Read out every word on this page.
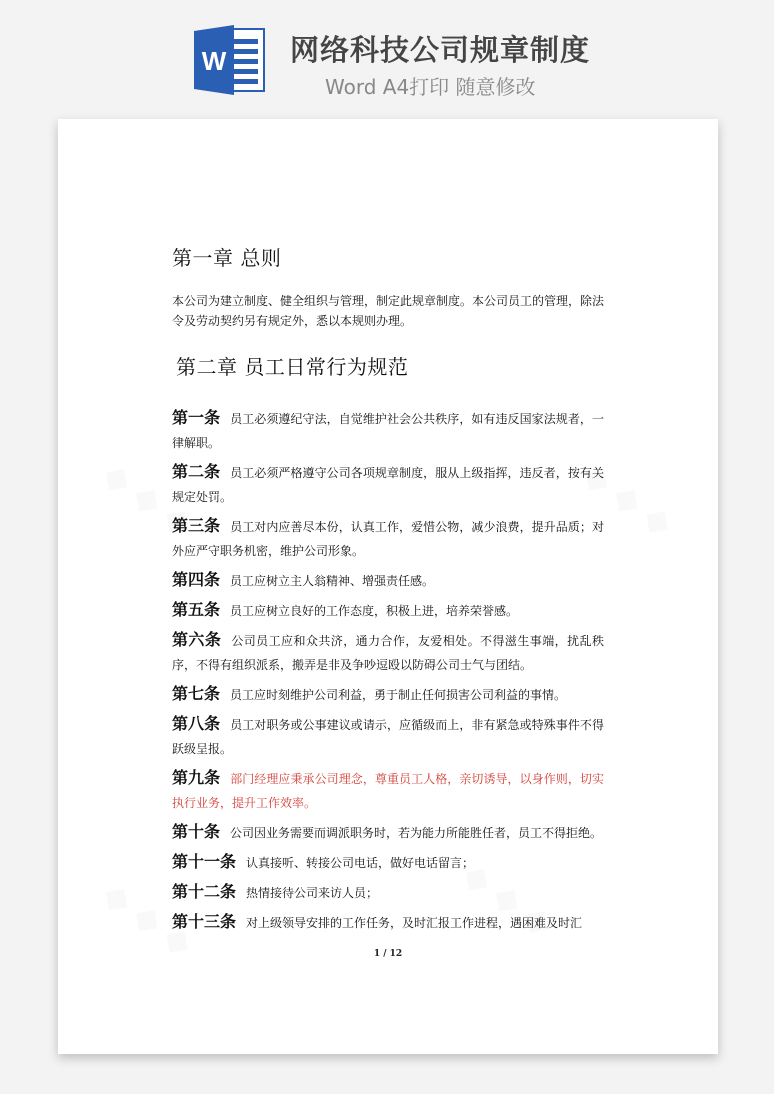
W 网络科技公司规章制度
Word A4打印 随意修改
第一章 总则

本公司为建立制度、健全组织与管理，制定此规章制度。本公司员工的管理，除法令及劳动契约另有规定外，悉以本规则办理。

第二章 员工日常行为规范

第一条 员工必须遵纪守法，自觉维护社会公共秩序，如有违反国家法规者，一律解职。

第二条 员工必须严格遵守公司各项规章制度，服从上级指挥，违反者，按有关规定处罚。

第三条 员工对内应善尽本份，认真工作，爱惜公物，减少浪费，提升品质；对外应严守职务机密，维护公司形象。

第四条 员工应树立主人翁精神、增强责任感。

第五条 员工应树立良好的工作态度，积极上进，培养荣誉感。

第六条 公司员工应和众共济，通力合作，友爱相处。不得滋生事端，扰乱秩序，不得有组织派系，搬弄是非及争吵逗殴以防碍公司士气与团结。

第七条 员工应时刻维护公司利益，勇于制止任何损害公司利益的事情。

第八条 员工对职务或公事建议或请示，应循级而上，非有紧急或特殊事件不得跃级呈报。

第九条 部门经理应秉承公司理念，尊重员工人格，亲切诱导，以身作则，切实执行业务，提升工作效率。

第十条 公司因业务需要而调派职务时，若为能力所能胜任者，员工不得拒绝。

第十一条 认真接听、转接公司电话，做好电话留言；

第十二条 热情接待公司来访人员；

第十三条 对上级领导安排的工作任务，及时汇报工作进程，遇困难及时汇

1 / 12
